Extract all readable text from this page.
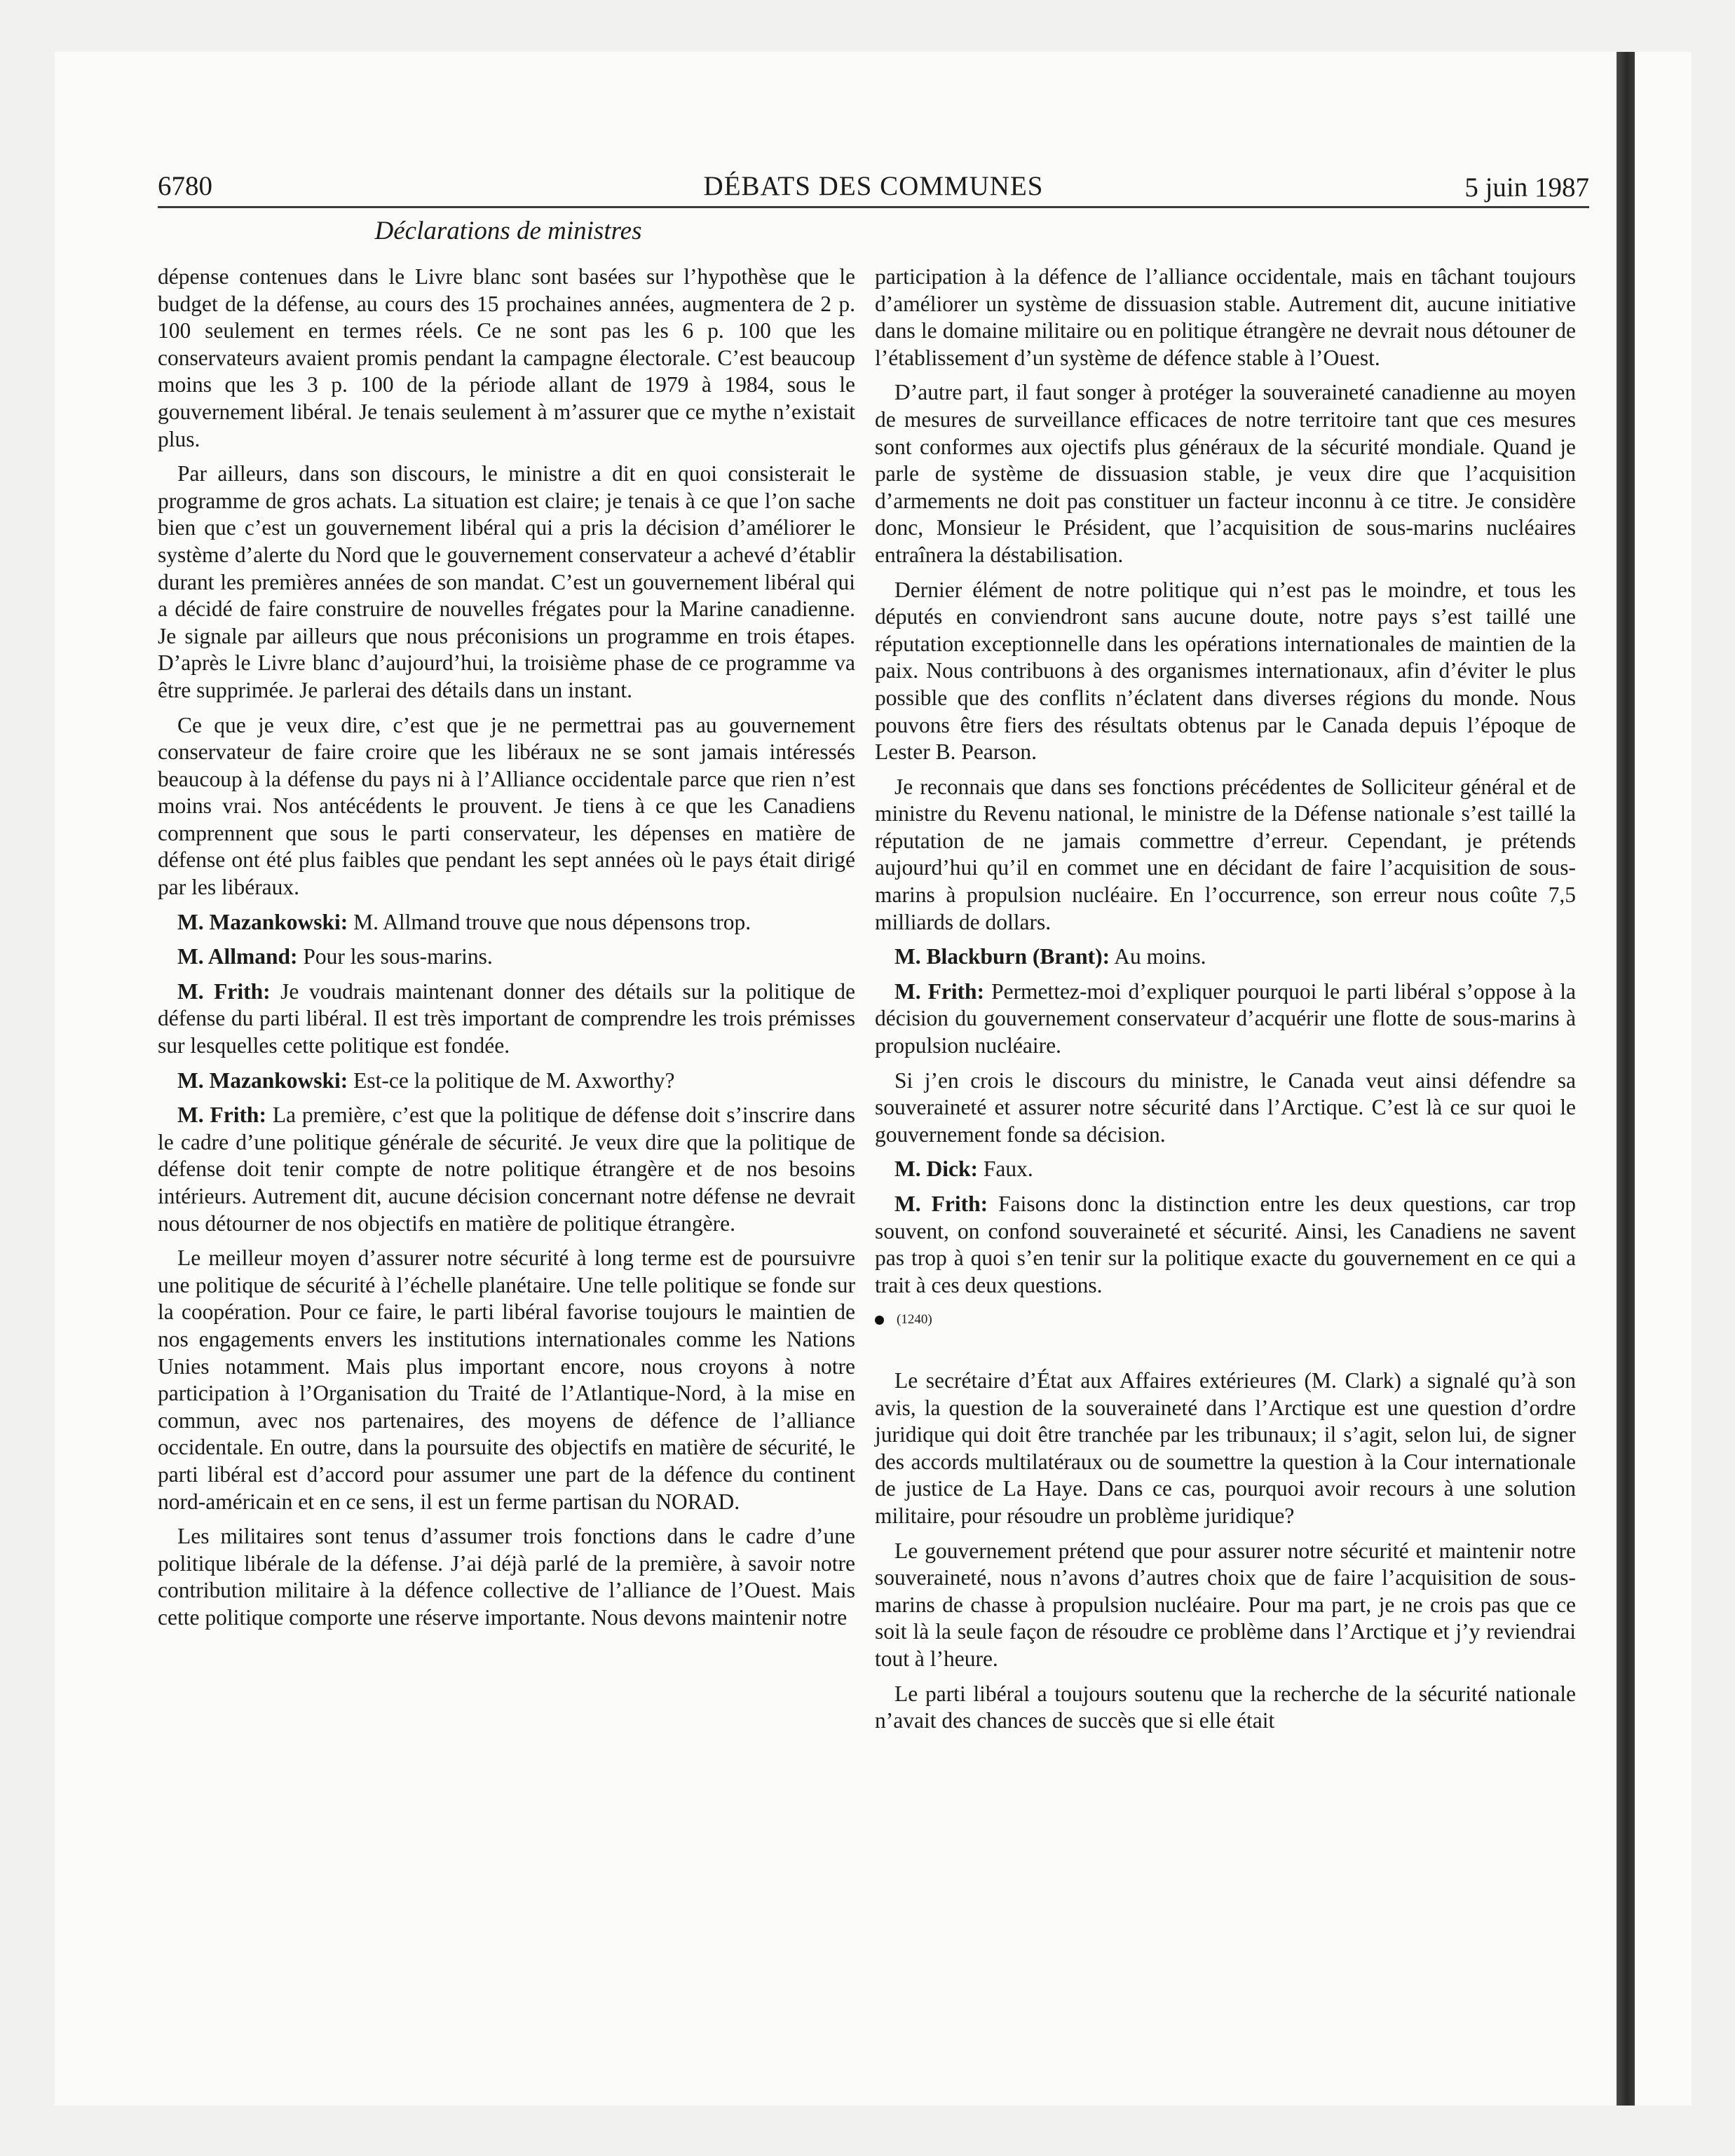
6780	DÉBATS DES COMMUNES	5 juin 1987
Déclarations de ministres

dépense contenues dans le Livre blanc sont basées sur l’hypothèse que le budget de la défense, au cours des 15 prochaines années, augmentera de 2 p. 100 seulement en termes réels. Ce ne sont pas les 6 p. 100 que les conservateurs avaient promis pendant la campagne électorale. C’est beaucoup moins que les 3 p. 100 de la période allant de 1979 à 1984, sous le gouvernement libéral. Je tenais seulement à m’assurer que ce mythe n’existait plus.

Par ailleurs, dans son discours, le ministre a dit en quoi consisterait le programme de gros achats. La situation est claire; je tenais à ce que l’on sache bien que c’est un gouvernement libéral qui a pris la décision d’améliorer le système d’alerte du Nord que le gouvernement conservateur a achevé d’établir durant les premières années de son mandat. C’est un gouvernement libéral qui a décidé de faire construire de nouvelles frégates pour la Marine canadienne. Je signale par ailleurs que nous préconisions un programme en trois étapes. D’après le Livre blanc d’aujourd’hui, la troisième phase de ce programme va être supprimée. Je parlerai des détails dans un instant.

Ce que je veux dire, c’est que je ne permettrai pas au gouvernement conservateur de faire croire que les libéraux ne se sont jamais intéressés beaucoup à la défense du pays ni à l’Alliance occidentale parce que rien n’est moins vrai. Nos antécédents le prouvent. Je tiens à ce que les Canadiens comprennent que sous le parti conservateur, les dépenses en matière de défense ont été plus faibles que pendant les sept années où le pays était dirigé par les libéraux.

M. Mazankowski: M. Allmand trouve que nous dépensons trop.

M. Allmand: Pour les sous-marins.

M. Frith: Je voudrais maintenant donner des détails sur la politique de défense du parti libéral. Il est très important de comprendre les trois prémisses sur lesquelles cette politique est fondée.

M. Mazankowski: Est-ce la politique de M. Axworthy?

M. Frith: La première, c’est que la politique de défense doit s’inscrire dans le cadre d’une politique générale de sécurité. Je veux dire que la politique de défense doit tenir compte de notre politique étrangère et de nos besoins intérieurs. Autrement dit, aucune décision concernant notre défense ne devrait nous détourner de nos objectifs en matière de politique étrangère.

Le meilleur moyen d’assurer notre sécurité à long terme est de poursuivre une politique de sécurité à l’échelle planétaire. Une telle politique se fonde sur la coopération. Pour ce faire, le parti libéral favorise toujours le maintien de nos engagements envers les institutions internationales comme les Nations Unies notamment. Mais plus important encore, nous croyons à notre participation à l’Organisation du Traité de l’Atlantique-Nord, à la mise en commun, avec nos partenaires, des moyens de défence de l’alliance occidentale. En outre, dans la poursuite des objectifs en matière de sécurité, le parti libéral est d’accord pour assumer une part de la défence du continent nord-américain et en ce sens, il est un ferme partisan du NORAD.

Les militaires sont tenus d’assumer trois fonctions dans le cadre d’une politique libérale de la défense. J’ai déjà parlé de la première, à savoir notre contribution militaire à la défence collective de l’alliance de l’Ouest. Mais cette politique comporte une réserve importante. Nous devons maintenir notre

participation à la défence de l’alliance occidentale, mais en tâchant toujours d’améliorer un système de dissuasion stable. Autrement dit, aucune initiative dans le domaine militaire ou en politique étrangère ne devrait nous détouner de l’établissement d’un système de défence stable à l’Ouest.

D’autre part, il faut songer à protéger la souveraineté canadienne au moyen de mesures de surveillance efficaces de notre territoire tant que ces mesures sont conformes aux ojectifs plus généraux de la sécurité mondiale. Quand je parle de système de dissuasion stable, je veux dire que l’acquisition d’armements ne doit pas constituer un facteur inconnu à ce titre. Je considère donc, Monsieur le Président, que l’acquisition de sous-marins nucléaires entraînera la déstabilisation.

Dernier élément de notre politique qui n’est pas le moindre, et tous les députés en conviendront sans aucune doute, notre pays s’est taillé une réputation exceptionnelle dans les opérations internationales de maintien de la paix. Nous contribuons à des organismes internationaux, afin d’éviter le plus possible que des conflits n’éclatent dans diverses régions du monde. Nous pouvons être fiers des résultats obtenus par le Canada depuis l’époque de Lester B. Pearson.

Je reconnais que dans ses fonctions précédentes de Solliciteur général et de ministre du Revenu national, le ministre de la Défense nationale s’est taillé la réputation de ne jamais commettre d’erreur. Cependant, je prétends aujourd’hui qu’il en commet une en décidant de faire l’acquisition de sous-marins à propulsion nucléaire. En l’occurrence, son erreur nous coûte 7,5 milliards de dollars.

M. Blackburn (Brant): Au moins.

M. Frith: Permettez-moi d’expliquer pourquoi le parti libéral s’oppose à la décision du gouvernement conservateur d’acquérir une flotte de sous-marins à propulsion nucléaire.

Si j’en crois le discours du ministre, le Canada veut ainsi défendre sa souveraineté et assurer notre sécurité dans l’Arctique. C’est là ce sur quoi le gouvernement fonde sa décision.

M. Dick: Faux.

M. Frith: Faisons donc la distinction entre les deux questions, car trop souvent, on confond souveraineté et sécurité. Ainsi, les Canadiens ne savent pas trop à quoi s’en tenir sur la politique exacte du gouvernement en ce qui a trait à ces deux questions.

(1240)

Le secrétaire d’État aux Affaires extérieures (M. Clark) a signalé qu’à son avis, la question de la souveraineté dans l’Arctique est une question d’ordre juridique qui doit être tranchée par les tribunaux; il s’agit, selon lui, de signer des accords multilatéraux ou de soumettre la question à la Cour internationale de justice de La Haye. Dans ce cas, pourquoi avoir recours à une solution militaire, pour résoudre un problème juridique?

Le gouvernement prétend que pour assurer notre sécurité et maintenir notre souveraineté, nous n’avons d’autres choix que de faire l’acquisition de sous-marins de chasse à propulsion nucléaire. Pour ma part, je ne crois pas que ce soit là la seule façon de résoudre ce problème dans l’Arctique et j’y reviendrai tout à l’heure.

Le parti libéral a toujours soutenu que la recherche de la sécurité nationale n’avait des chances de succès que si elle était
